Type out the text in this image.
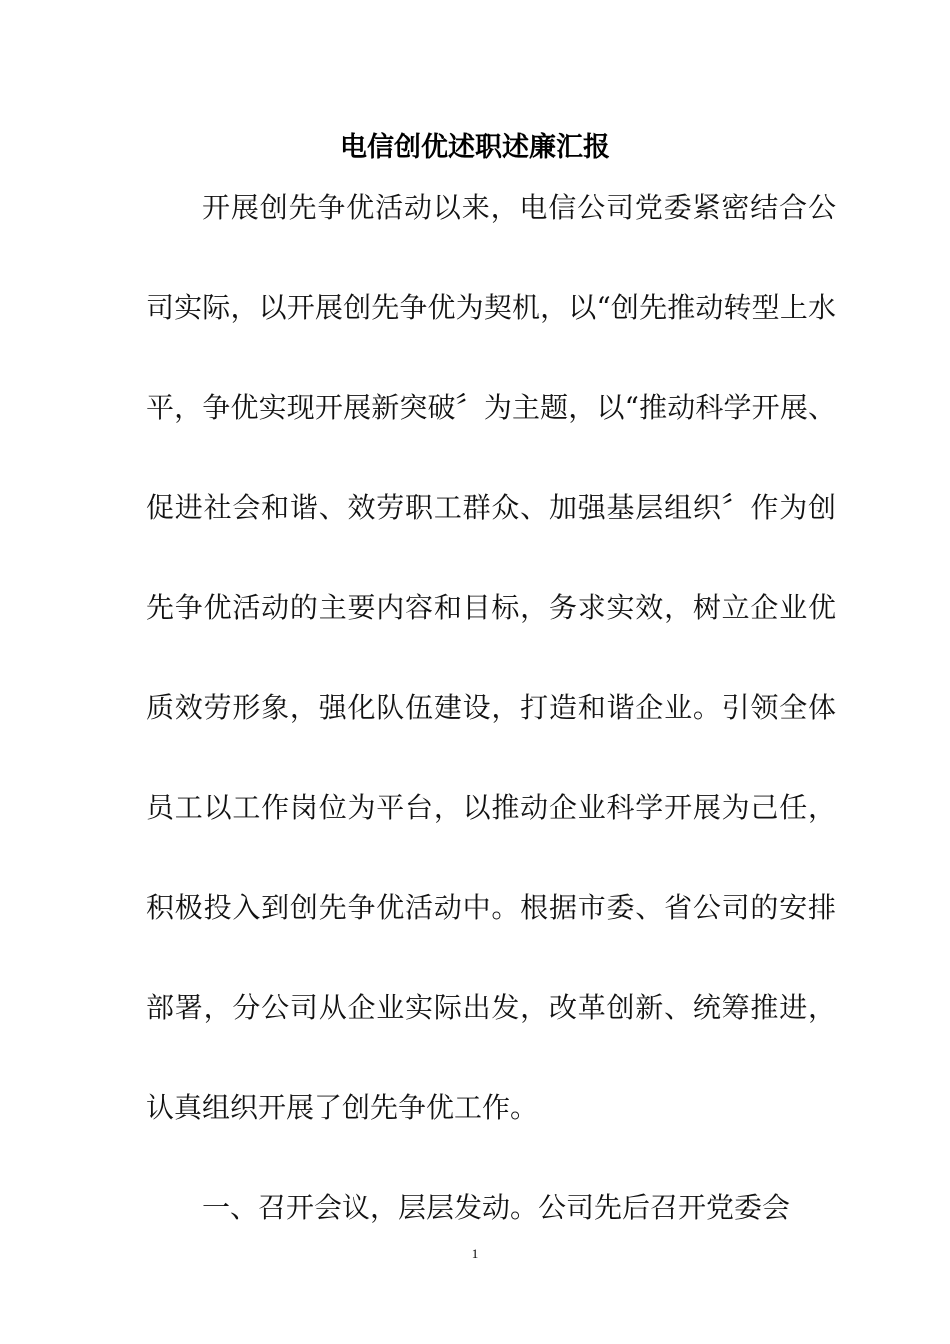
电信创优述职述廉汇报

开展创先争优活动以来，电信公司党委紧密结合公司实际，以开展创先争优为契机，以“创先推动转型上水平，争优实现开展新突破〞为主题，以“推动科学开展、促进社会和谐、效劳职工群众、加强基层组织〞作为创先争优活动的主要内容和目标，务求实效，树立企业优质效劳形象，强化队伍建设，打造和谐企业。引领全体员工以工作岗位为平台，以推动企业科学开展为己任，积极投入到创先争优活动中。根据市委、省公司的安排部署，分公司从企业实际出发，改革创新、统筹推进，认真组织开展了创先争优工作。

一、召开会议，层层发动。公司先后召开党委会

1
